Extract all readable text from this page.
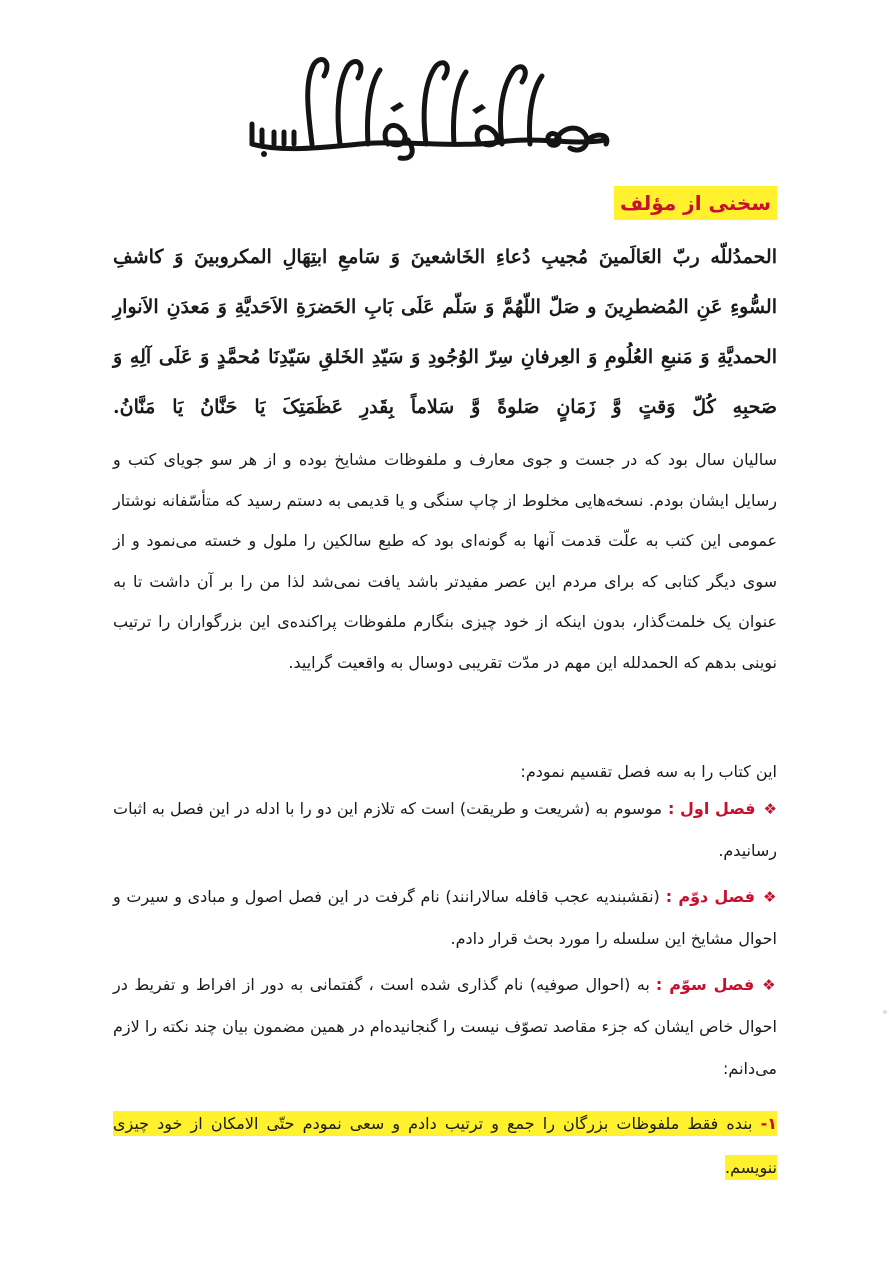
سخنی از مؤلف
الحمدُللّه ربّ العَالَمینَ مُجیبِ دُعاءِ الخَاشعینَ وَ سَامعِ ابتِهَالِ المکروبینَ وَ کاشفِ السُّوءِ عَنِ المُضطرِینَ و صَلّ اللّهُمَّ وَ سَلّم عَلَی بَابِ الحَضرَةِ الاَحَدیَّةِ وَ مَعدَنِ الاَنوارِ الحمدیَّةِ وَ مَنبعِ العُلُومِ وَ العِرفانِ سِرّ الوُجُودِ وَ سَیّدِ الخَلقِ سَیّدِنَا مُحمَّدٍ وَ عَلَی آلِهِ وَ صَحبِهِ کُلّ وَقتٍ وَّ زَمَانٍ صَلوةً وَّ سَلاماً بِقَدرِ عَظَمَتِکَ یَا حَنَّانُ یَا مَنَّانُ.
سالیان سال بود که در جست و جوی معارف و ملفوظات مشایخ بوده و از هر سو جویای کتب و رسایل ایشان بودم. نسخه‌هایی مخلوط از چاپ سنگی و یا قدیمی به دستم رسید که متأسّفانه نوشتار عمومی این کتب به علّت قدمت آنها به گونه‌ای بود که طبع سالکین را ملول و خسته می‌نمود و از سوی دیگر کتابی که برای مردم این عصر مفیدتر باشد یافت نمی‌شد لذا من را بر آن داشت تا به عنوان یک خلمت‌گذار، بدون اینکه از خود چیزی بنگارم ملفوظات پراکنده‌ی این بزرگواران را ترتیب نوینی بدهم که الحمدلله این مهم در مدّت تقریبی دوسال به واقعیت گرایید.
این کتاب را به سه فصل تقسیم نمودم:
❖فصل اول :موسوم به (شریعت و طریقت) است که تلازم این دو را با ادله در این فصل به اثبات رسانیدم.
❖فصل دوّم :(نقشبندیه عجب قافله سالارانند) نام گرفت در این فصل اصول و مبادی و سیرت و احوال مشایخ این سلسله را مورد بحث قرار دادم.
❖فصل سوّم :به (احوال صوفیه) نام گذاری شده است ، گفتمانی به دور از افراط و تفریط در احوال خاص ایشان که جزء مقاصد تصوّف نیست را گنجانیده‌ام در همین مضمون بیان چند نکته را لازم می‌دانم:
۱- بنده فقط ملفوظات بزرگان را جمع و ترتیب دادم و سعی نمودم حتّی الامکان از خود چیزی ننویسم.
